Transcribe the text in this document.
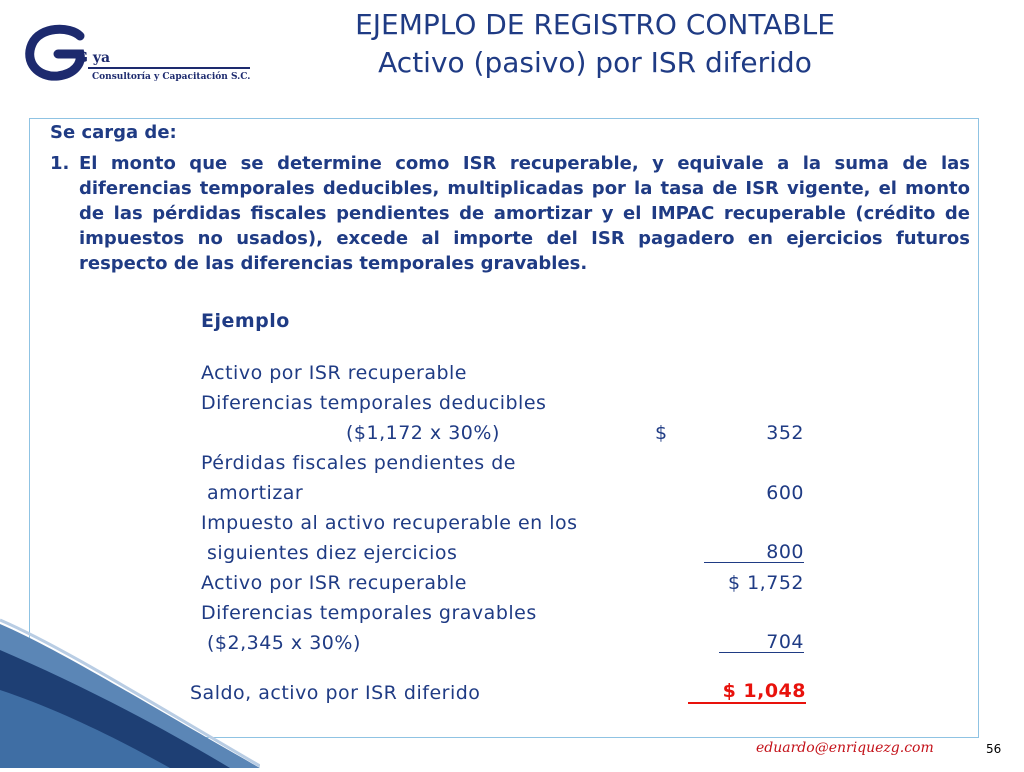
G ya
Consultoría y Capacitación S.C.
EJEMPLO DE REGISTRO CONTABLE
Activo (pasivo) por ISR diferido
Se carga de:
1. El monto que se determine como ISR recuperable, y equivale a la suma de las diferencias temporales deducibles, multiplicadas por la tasa de ISR vigente, el monto de las pérdidas fiscales pendientes de amortizar y el IMPAC recuperable (crédito de impuestos no usados), excede al importe del ISR pagadero en ejercicios futuros respecto de las diferencias temporales gravables.
Ejemplo
Activo por ISR recuperable
Diferencias temporales deducibles
($1,172 x 30%)	$	352
Pérdidas fiscales pendientes de
amortizar	600
Impuesto al activo recuperable en los
siguientes diez ejercicios	800
Activo por ISR recuperable	$ 1,752
Diferencias temporales gravables
($2,345 x 30%)	704
Saldo, activo por ISR diferido	$ 1,048
eduardo@enriquezg.com	56
